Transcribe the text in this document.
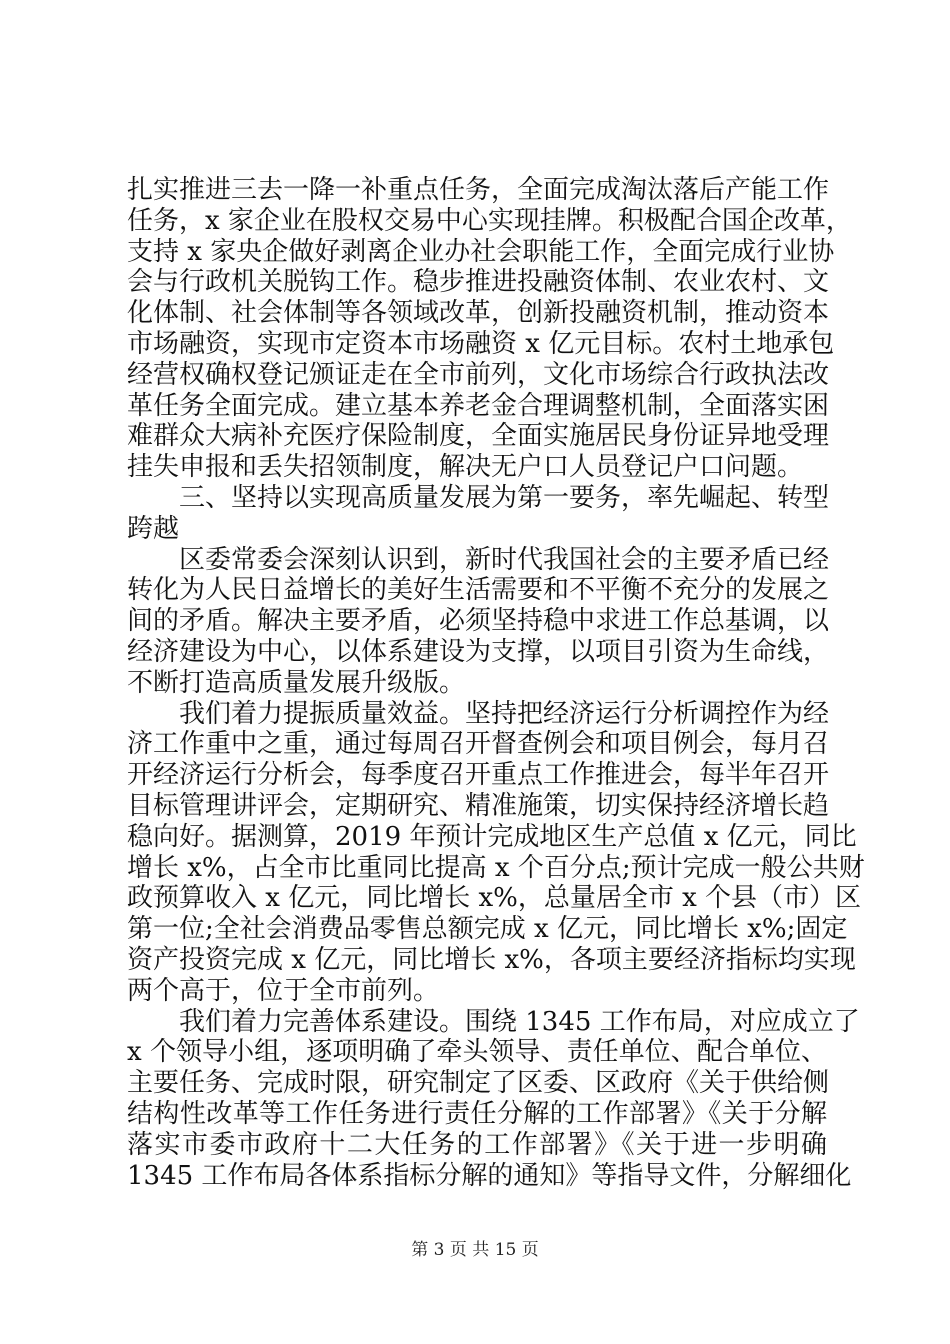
扎实推进三去一降一补重点任务，全面完成淘汰落后产能工作
任务，x 家企业在股权交易中心实现挂牌。积极配合国企改革，
支持 x 家央企做好剥离企业办社会职能工作，全面完成行业协
会与行政机关脱钩工作。稳步推进投融资体制、农业农村、文
化体制、社会体制等各领域改革，创新投融资机制，推动资本
市场融资，实现市定资本市场融资 x 亿元目标。农村土地承包
经营权确权登记颁证走在全市前列，文化市场综合行政执法改
革任务全面完成。建立基本养老金合理调整机制，全面落实困
难群众大病补充医疗保险制度，全面实施居民身份证异地受理
挂失申报和丢失招领制度，解决无户口人员登记户口问题。
三、坚持以实现高质量发展为第一要务，率先崛起、转型
跨越
区委常委会深刻认识到，新时代我国社会的主要矛盾已经
转化为人民日益增长的美好生活需要和不平衡不充分的发展之
间的矛盾。解决主要矛盾，必须坚持稳中求进工作总基调，以
经济建设为中心，以体系建设为支撑，以项目引资为生命线，
不断打造高质量发展升级版。
我们着力提振质量效益。坚持把经济运行分析调控作为经
济工作重中之重，通过每周召开督查例会和项目例会，每月召
开经济运行分析会，每季度召开重点工作推进会，每半年召开
目标管理讲评会，定期研究、精准施策，切实保持经济增长趋
稳向好。据测算，2019 年预计完成地区生产总值 x 亿元，同比
增长 x%，占全市比重同比提高 x 个百分点;预计完成一般公共财
政预算收入 x 亿元，同比增长 x%，总量居全市 x 个县（市）区
第一位;全社会消费品零售总额完成 x 亿元，同比增长 x%;固定
资产投资完成 x 亿元，同比增长 x%，各项主要经济指标均实现
两个高于，位于全市前列。
我们着力完善体系建设。围绕 1345 工作布局，对应成立了
x 个领导小组，逐项明确了牵头领导、责任单位、配合单位、
主要任务、完成时限，研究制定了区委、区政府《关于供给侧
结构性改革等工作任务进行责任分解的工作部署》《关于分解
落实市委市政府十二大任务的工作部署》《关于进一步明确
1345 工作布局各体系指标分解的通知》等指导文件，分解细化
第 3 页 共 15 页
